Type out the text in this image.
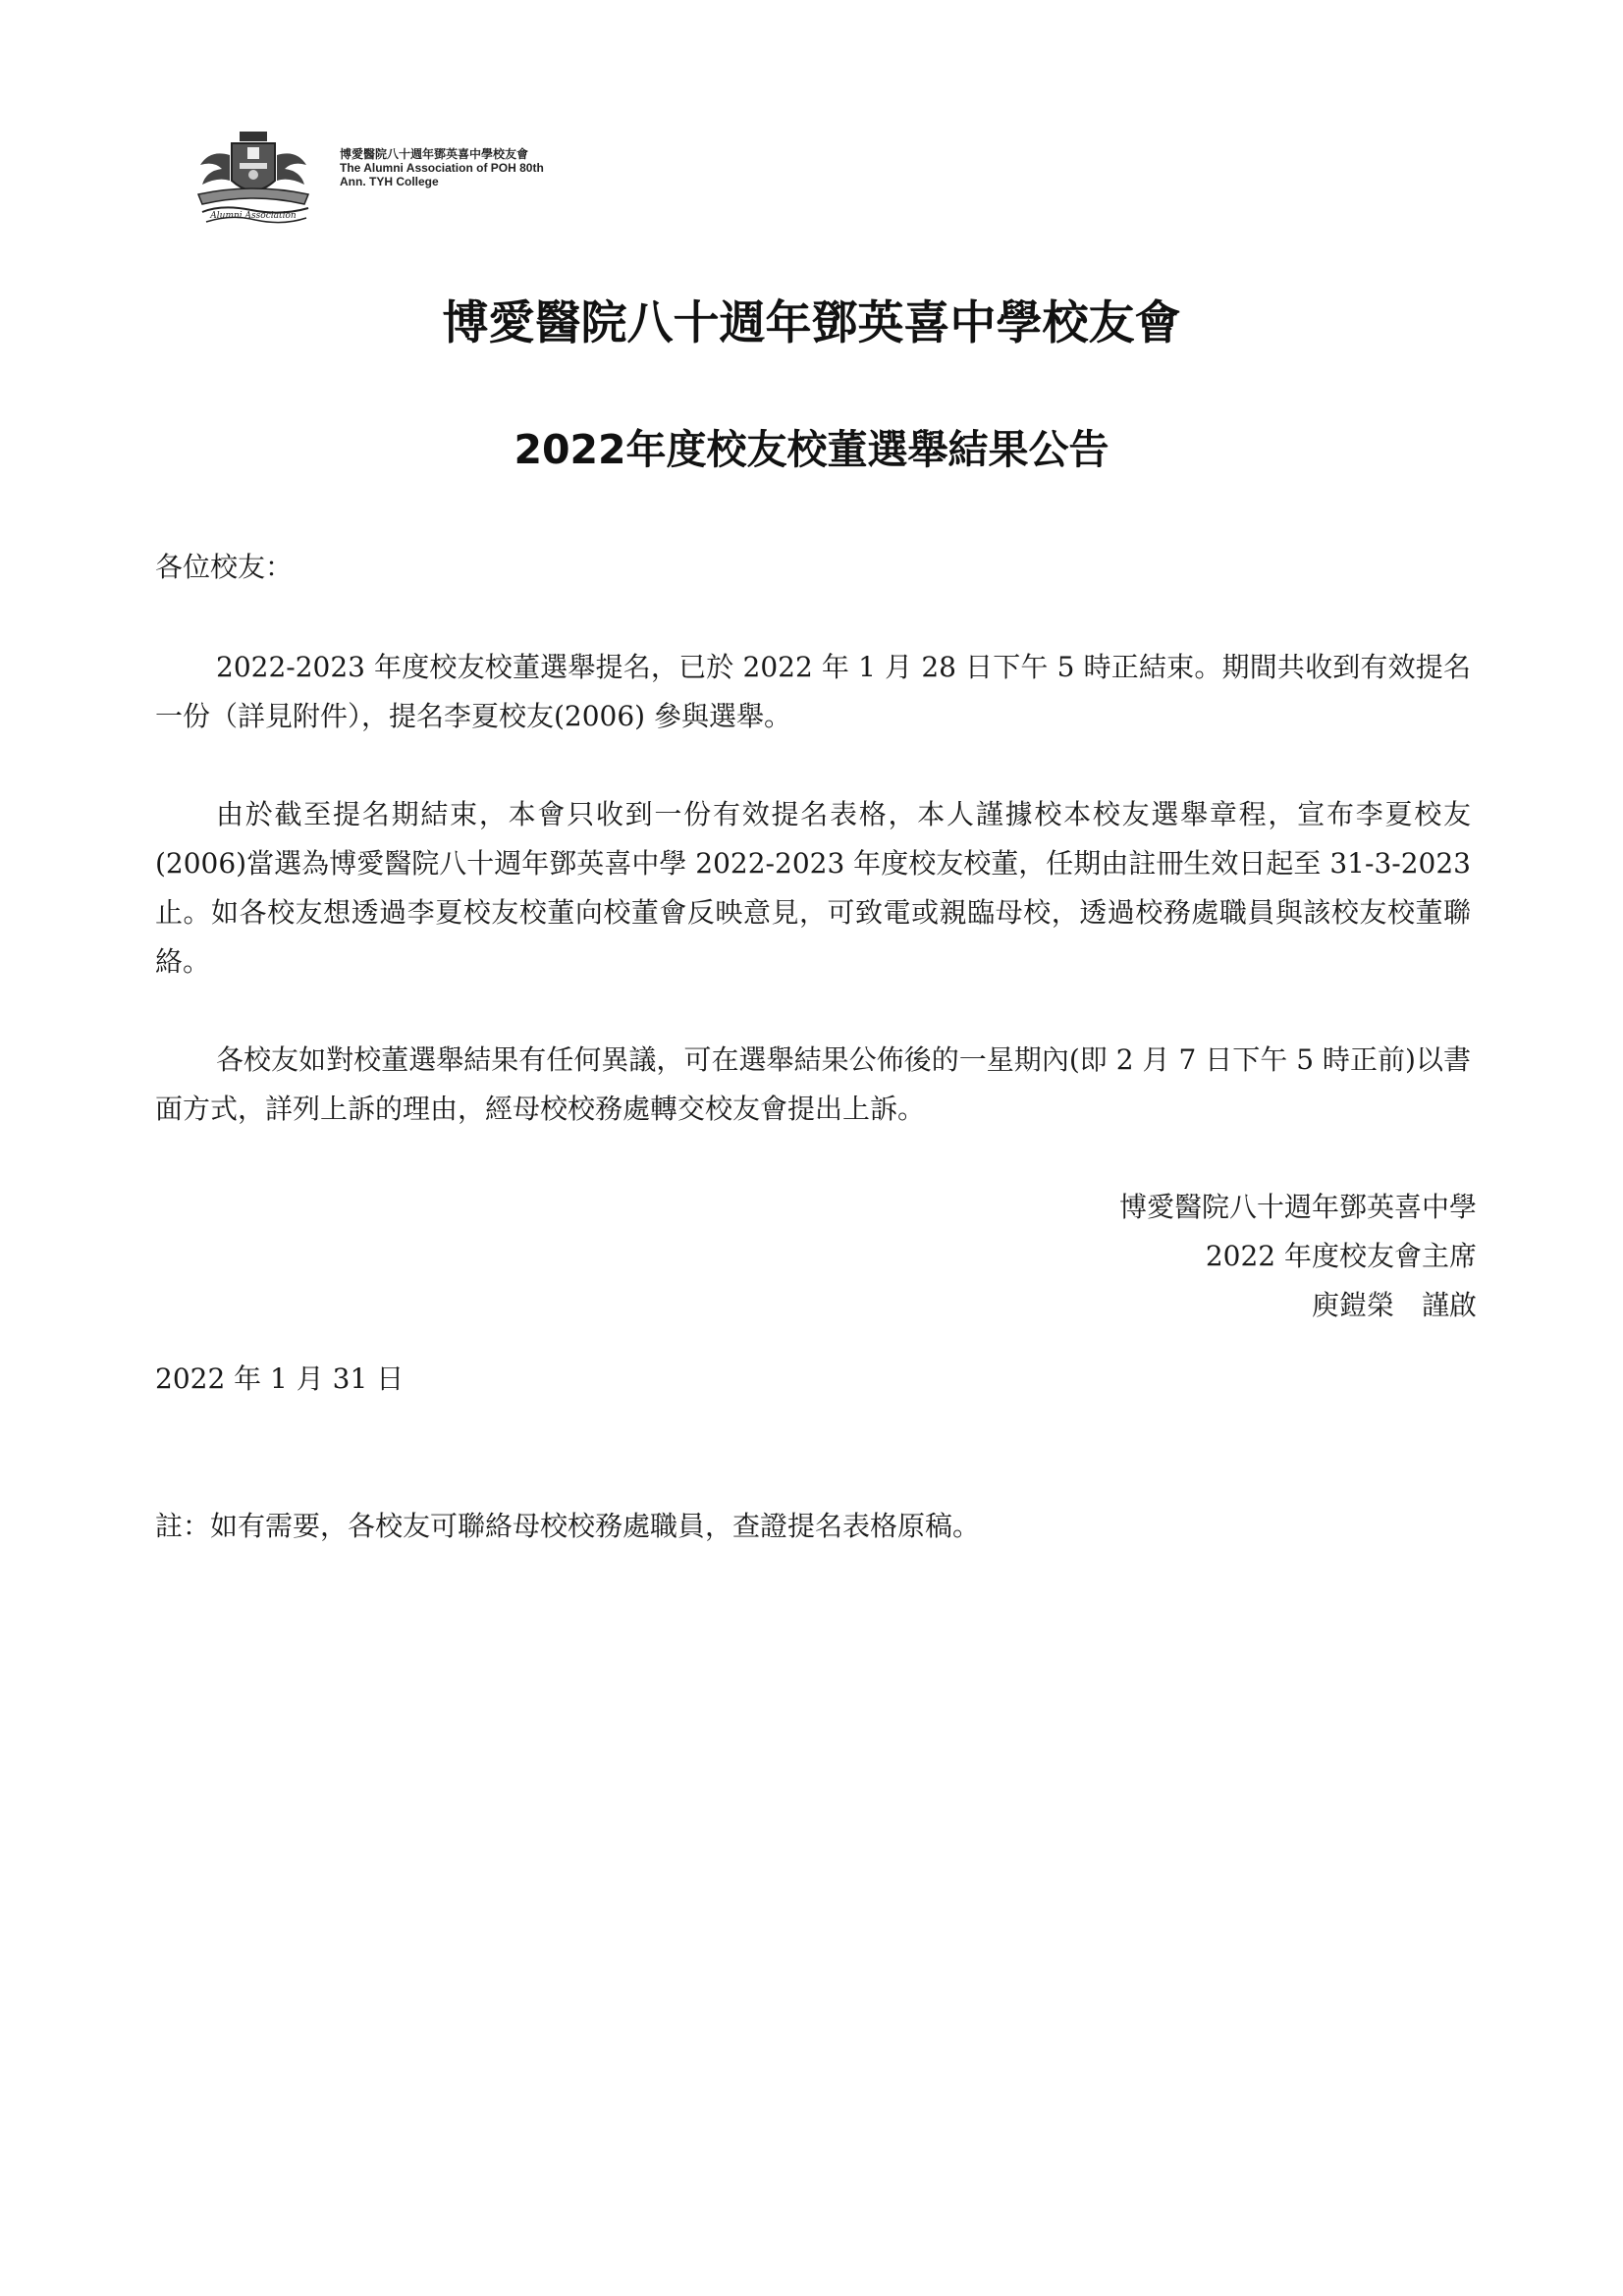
Alumni Association
博愛醫院八十週年鄧英喜中學校友會
The Alumni Association of POH 80th
Ann. TYH College
博愛醫院八十週年鄧英喜中學校友會
2022年度校友校董選舉結果公告
各位校友：
2022-2023 年度校友校董選舉提名，已於 2022 年 1 月 28 日下午 5 時正結束。期間共收到有效提名一份（詳見附件），提名李夏校友(2006) 參與選舉。
由於截至提名期結束，本會只收到一份有效提名表格，本人謹據校本校友選舉章程，宣布李夏校友(2006)當選為博愛醫院八十週年鄧英喜中學 2022-2023 年度校友校董，任期由註冊生效日起至 31-3-2023 止。如各校友想透過李夏校友校董向校董會反映意見，可致電或親臨母校，透過校務處職員與該校友校董聯絡。
各校友如對校董選舉結果有任何異議，可在選舉結果公佈後的一星期內(即 2 月 7 日下午 5 時正前)以書面方式，詳列上訴的理由，經母校校務處轉交校友會提出上訴。
博愛醫院八十週年鄧英喜中學
2022 年度校友會主席
庾鎧榮　謹啟
2022 年 1 月 31 日
註：如有需要，各校友可聯絡母校校務處職員，查證提名表格原稿。
